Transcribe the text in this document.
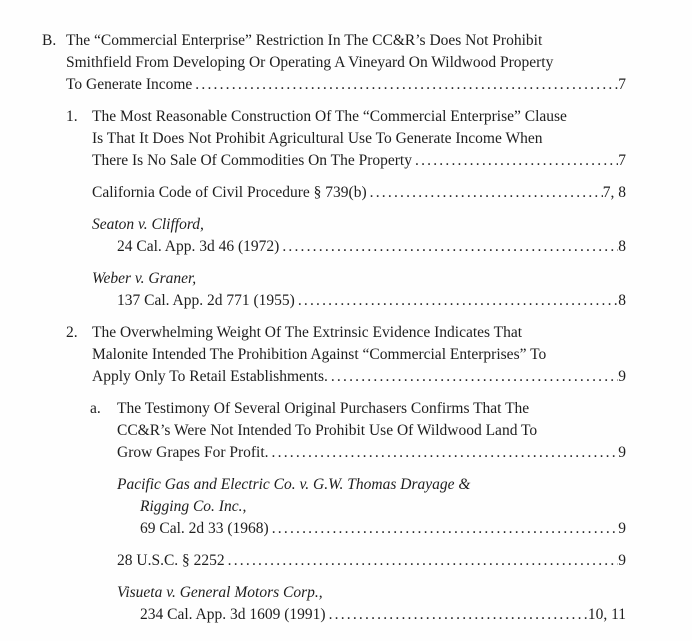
B. The “Commercial Enterprise” Restriction In The CC&R’s Does Not Prohibit
Smithfield From Developing Or Operating A Vineyard On Wildwood Property
To Generate Income .....	7
1. The Most Reasonable Construction Of The “Commercial Enterprise” Clause
Is That It Does Not Prohibit Agricultural Use To Generate Income When
There Is No Sale Of Commodities On The Property .....	7
California Code of Civil Procedure § 739(b) .....	7, 8
Seaton v. Clifford,
24 Cal. App. 3d 46 (1972) .....	8
Weber v. Graner,
137 Cal. App. 2d 771 (1955) .....	8
2. The Overwhelming Weight Of The Extrinsic Evidence Indicates That
Malonite Intended The Prohibition Against “Commercial Enterprises” To
Apply Only To Retail Establishments. .....	9
a. The Testimony Of Several Original Purchasers Confirms That The
CC&R’s Were Not Intended To Prohibit Use Of Wildwood Land To
Grow Grapes For Profit. .....	9
Pacific Gas and Electric Co. v. G.W. Thomas Drayage &
Rigging Co. Inc.,
69 Cal. 2d 33 (1968) .....	9
28 U.S.C. § 2252 .....	9
Visueta v. General Motors Corp.,
234 Cal. App. 3d 1609 (1991) .....	10, 11
